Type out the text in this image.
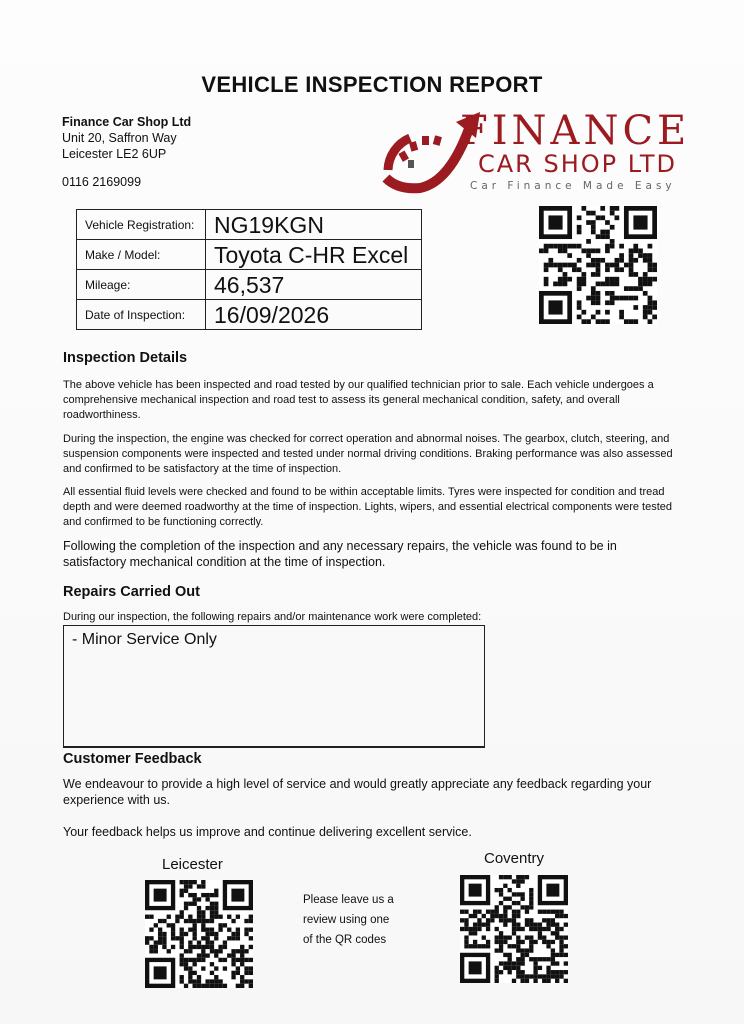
VEHICLE INSPECTION REPORT
Finance Car Shop Ltd
Unit 20, Saffron Way
Leicester LE2 6UP
0116 2169099
FINANCE
CAR SHOP LTD
Car Finance Made Easy
Vehicle Registration:	NG19KGN
Make / Model:	Toyota C-HR Excel
Mileage:	46,537
Date of Inspection:	16/09/2026
Inspection Details
The above vehicle has been inspected and road tested by our qualified technician prior to sale. Each vehicle undergoes a comprehensive mechanical inspection and road test to assess its general mechanical condition, safety, and overall roadworthiness.
During the inspection, the engine was checked for correct operation and abnormal noises. The gearbox, clutch, steering, and suspension components were inspected and tested under normal driving conditions. Braking performance was also assessed and confirmed to be satisfactory at the time of inspection.
All essential fluid levels were checked and found to be within acceptable limits. Tyres were inspected for condition and tread depth and were deemed roadworthy at the time of inspection. Lights, wipers, and essential electrical components were tested and confirmed to be functioning correctly.
Following the completion of the inspection and any necessary repairs, the vehicle was found to be in satisfactory mechanical condition at the time of inspection.
Repairs Carried Out
During our inspection, the following repairs and/or maintenance work were completed:
- Minor Service Only
Customer Feedback
We endeavour to provide a high level of service and would greatly appreciate any feedback regarding your experience with us.
Your feedback helps us improve and continue delivering excellent service.
Leicester	Coventry
Please leave us a
review using one
of the QR codes
